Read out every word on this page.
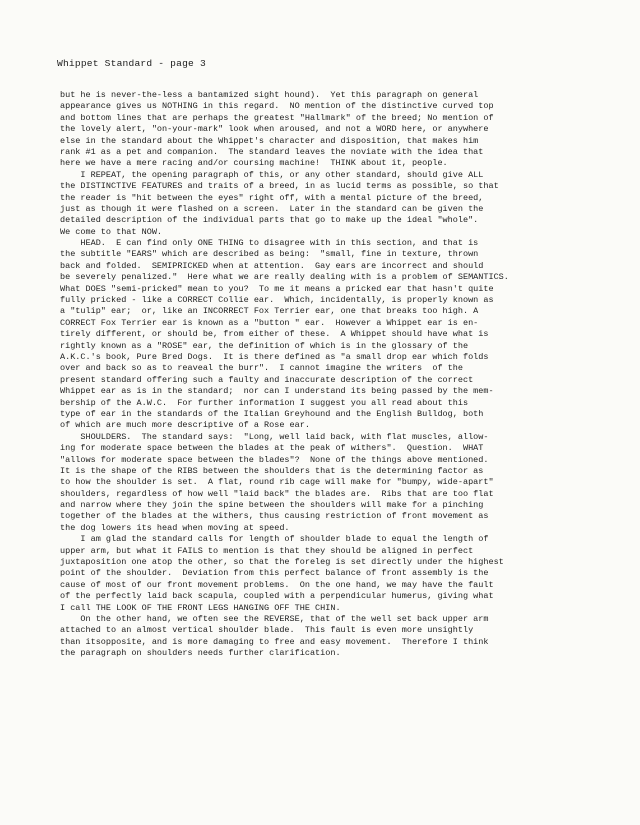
Whippet Standard - page 3
but he is never-the-less a bantamized sight hound).  Yet this paragraph on general
appearance gives us NOTHING in this regard.  NO mention of the distinctive curved top
and bottom lines that are perhaps the greatest "Hallmark" of the breed; No mention of
the lovely alert, "on-your-mark" look when aroused, and not a WORD here, or anywhere
else in the standard about the Whippet's character and disposition, that makes him
rank #1 as a pet and companion.  The standard leaves the noviate with the idea that
here we have a mere racing and/or coursing machine!  THINK about it, people.
I REPEAT, the opening paragraph of this, or any other standard, should give ALL
the DISTINCTIVE FEATURES and traits of a breed, in as lucid terms as possible, so that
the reader is "hit between the eyes" right off, with a mental picture of the breed,
just as though it were flashed on a screen.  Later in the standard can be given the
detailed description of the individual parts that go to make up the ideal "whole".
We come to that NOW.
HEAD.  E can find only ONE THING to disagree with in this section, and that is
the subtitle "EARS" which are described as being:  "small, fine in texture, thrown
back and folded.  SEMIPRICKED when at attention.  Gay ears are incorrect and should
be severely penalized."  Here what we are really dealing with is a problem of SEMANTICS.
What DOES "semi-pricked" mean to you?  To me it means a pricked ear that hasn't quite
fully pricked - like a CORRECT Collie ear.  Which, incidentally, is properly known as
a "tulip" ear;  or, like an INCORRECT Fox Terrier ear, one that breaks too high. A
CORRECT Fox Terrier ear is known as a "button " ear.  However a Whippet ear is en-
tirely different, or should be, from either of these.  A Whippet should have what is
rightly known as a "ROSE" ear, the definition of which is in the glossary of the
A.K.C.'s book, Pure Bred Dogs.  It is there defined as "a small drop ear which folds
over and back so as to reaveal the burr".  I cannot imagine the writers  of the
present standard offering such a faulty and inaccurate description of the correct
Whippet ear as is in the standard;  nor can I understand its being passed by the mem-
bership of the A.W.C.  For further information I suggest you all read about this
type of ear in the standards of the Italian Greyhound and the English Bulldog, both
of which are much more descriptive of a Rose ear.
SHOULDERS.  The standard says:  "Long, well laid back, with flat muscles, allow-
ing for moderate space between the blades at the peak of withers".  Question.  WHAT
"allows for moderate space between the blades"?  None of the things above mentioned.
It is the shape of the RIBS between the shoulders that is the determining factor as
to how the shoulder is set.  A flat, round rib cage will make for "bumpy, wide-apart"
shoulders, regardless of how well "laid back" the blades are.  Ribs that are too flat
and narrow where they join the spine between the shoulders will make for a pinching
together of the blades at the withers, thus causing restriction of front movement as
the dog lowers its head when moving at speed.
I am glad the standard calls for length of shoulder blade to equal the length of
upper arm, but what it FAILS to mention is that they should be aligned in perfect
juxtaposition one atop the other, so that the foreleg is set directly under the highest
point of the shoulder.  Deviation from this perfect balance of front assembly is the
cause of most of our front movement problems.  On the one hand, we may have the fault
of the perfectly laid back scapula, coupled with a perpendicular humerus, giving what
I call THE LOOK OF THE FRONT LEGS HANGING OFF THE CHIN.
On the other hand, we often see the REVERSE, that of the well set back upper arm
attached to an almost vertical shoulder blade.  This fault is even more unsightly
than itsopposite, and is more damaging to free and easy movement.  Therefore I think
the paragraph on shoulders needs further clarification.
